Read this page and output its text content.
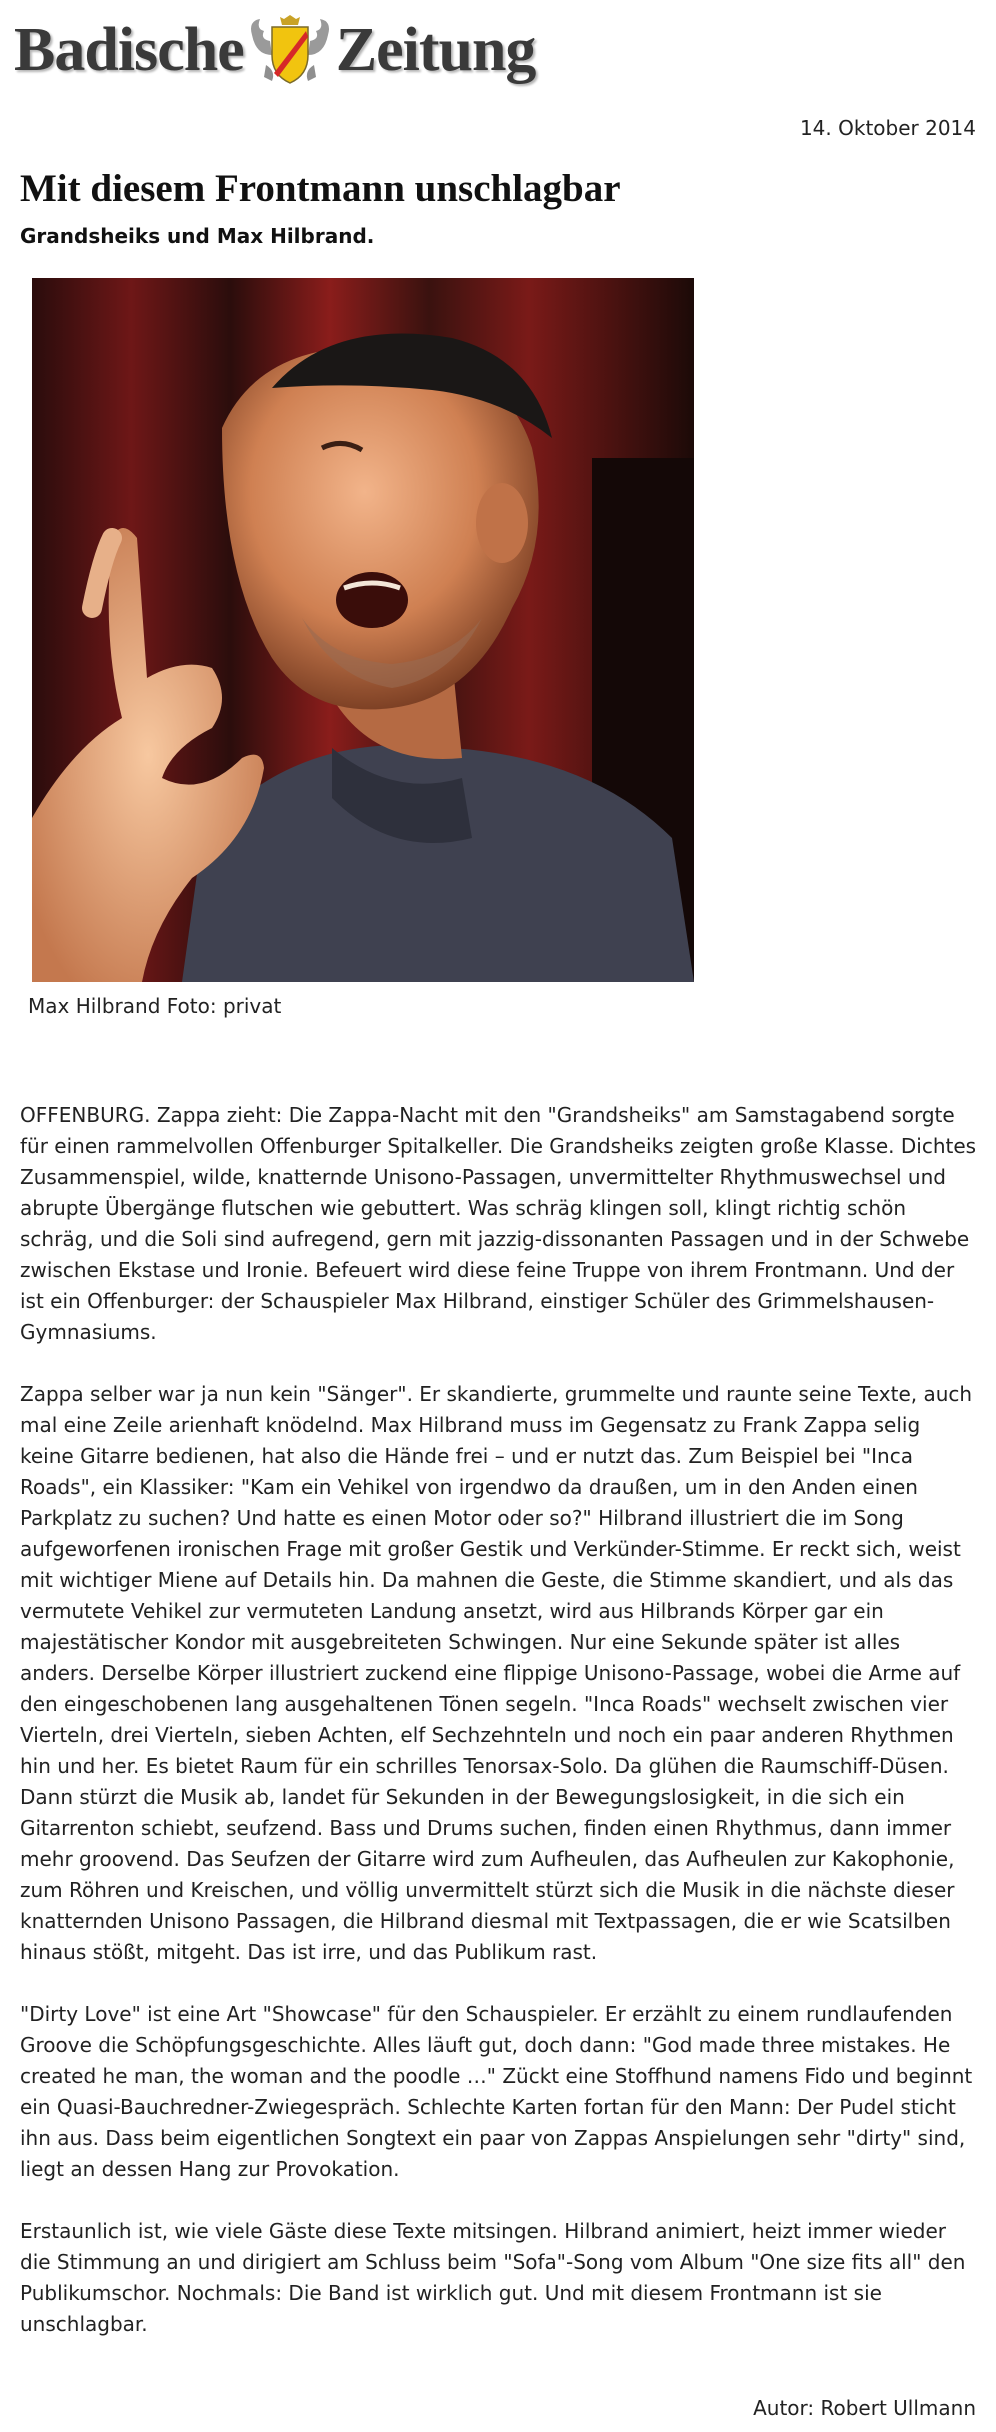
Badische Zeitung
14. Oktober 2014
Mit diesem Frontmann unschlagbar
Grandsheiks und Max Hilbrand.
Max Hilbrand Foto: privat

OFFENBURG. Zappa zieht: Die Zappa-Nacht mit den "Grandsheiks" am Samstagabend sorgte für einen rammelvollen Offenburger Spitalkeller. Die Grandsheiks zeigten große Klasse. Dichtes Zusammenspiel, wilde, knatternde Unisono-Passagen, unvermittelter Rhythmuswechsel und abrupte Übergänge flutschen wie gebuttert. Was schräg klingen soll, klingt richtig schön schräg, und die Soli sind aufregend, gern mit jazzig-dissonanten Passagen und in der Schwebe zwischen Ekstase und Ironie. Befeuert wird diese feine Truppe von ihrem Frontmann. Und der ist ein Offenburger: der Schauspieler Max Hilbrand, einstiger Schüler des Grimmelshausen-Gymnasiums.

Zappa selber war ja nun kein "Sänger". Er skandierte, grummelte und raunte seine Texte, auch mal eine Zeile arienhaft knödelnd. Max Hilbrand muss im Gegensatz zu Frank Zappa selig keine Gitarre bedienen, hat also die Hände frei – und er nutzt das. Zum Beispiel bei "Inca Roads", ein Klassiker: "Kam ein Vehikel von irgendwo da draußen, um in den Anden einen Parkplatz zu suchen? Und hatte es einen Motor oder so?" Hilbrand illustriert die im Song aufgeworfenen ironischen Frage mit großer Gestik und Verkünder-Stimme. Er reckt sich, weist mit wichtiger Miene auf Details hin. Da mahnen die Geste, die Stimme skandiert, und als das vermutete Vehikel zur vermuteten Landung ansetzt, wird aus Hilbrands Körper gar ein majestätischer Kondor mit ausgebreiteten Schwingen. Nur eine Sekunde später ist alles anders. Derselbe Körper illustriert zuckend eine flippige Unisono-Passage, wobei die Arme auf den eingeschobenen lang ausgehaltenen Tönen segeln. "Inca Roads" wechselt zwischen vier Vierteln, drei Vierteln, sieben Achten, elf Sechzehnteln und noch ein paar anderen Rhythmen hin und her. Es bietet Raum für ein schrilles Tenorsax-Solo. Da glühen die Raumschiff-Düsen. Dann stürzt die Musik ab, landet für Sekunden in der Bewegungslosigkeit, in die sich ein Gitarrenton schiebt, seufzend. Bass und Drums suchen, finden einen Rhythmus, dann immer mehr groovend. Das Seufzen der Gitarre wird zum Aufheulen, das Aufheulen zur Kakophonie, zum Röhren und Kreischen, und völlig unvermittelt stürzt sich die Musik in die nächste dieser knatternden Unisono Passagen, die Hilbrand diesmal mit Textpassagen, die er wie Scatsilben hinaus stößt, mitgeht. Das ist irre, und das Publikum rast.

"Dirty Love" ist eine Art "Showcase" für den Schauspieler. Er erzählt zu einem rundlaufenden Groove die Schöpfungsgeschichte. Alles läuft gut, doch dann: "God made three mistakes. He created he man, the woman and the poodle …" Zückt eine Stoffhund namens Fido und beginnt ein Quasi-Bauchredner-Zwiegespräch. Schlechte Karten fortan für den Mann: Der Pudel sticht ihn aus. Dass beim eigentlichen Songtext ein paar von Zappas Anspielungen sehr "dirty" sind, liegt an dessen Hang zur Provokation.

Erstaunlich ist, wie viele Gäste diese Texte mitsingen. Hilbrand animiert, heizt immer wieder die Stimmung an und dirigiert am Schluss beim "Sofa"-Song vom Album "One size fits all" den Publikumschor. Nochmals: Die Band ist wirklich gut. Und mit diesem Frontmann ist sie unschlagbar.

Autor: Robert Ullmann
